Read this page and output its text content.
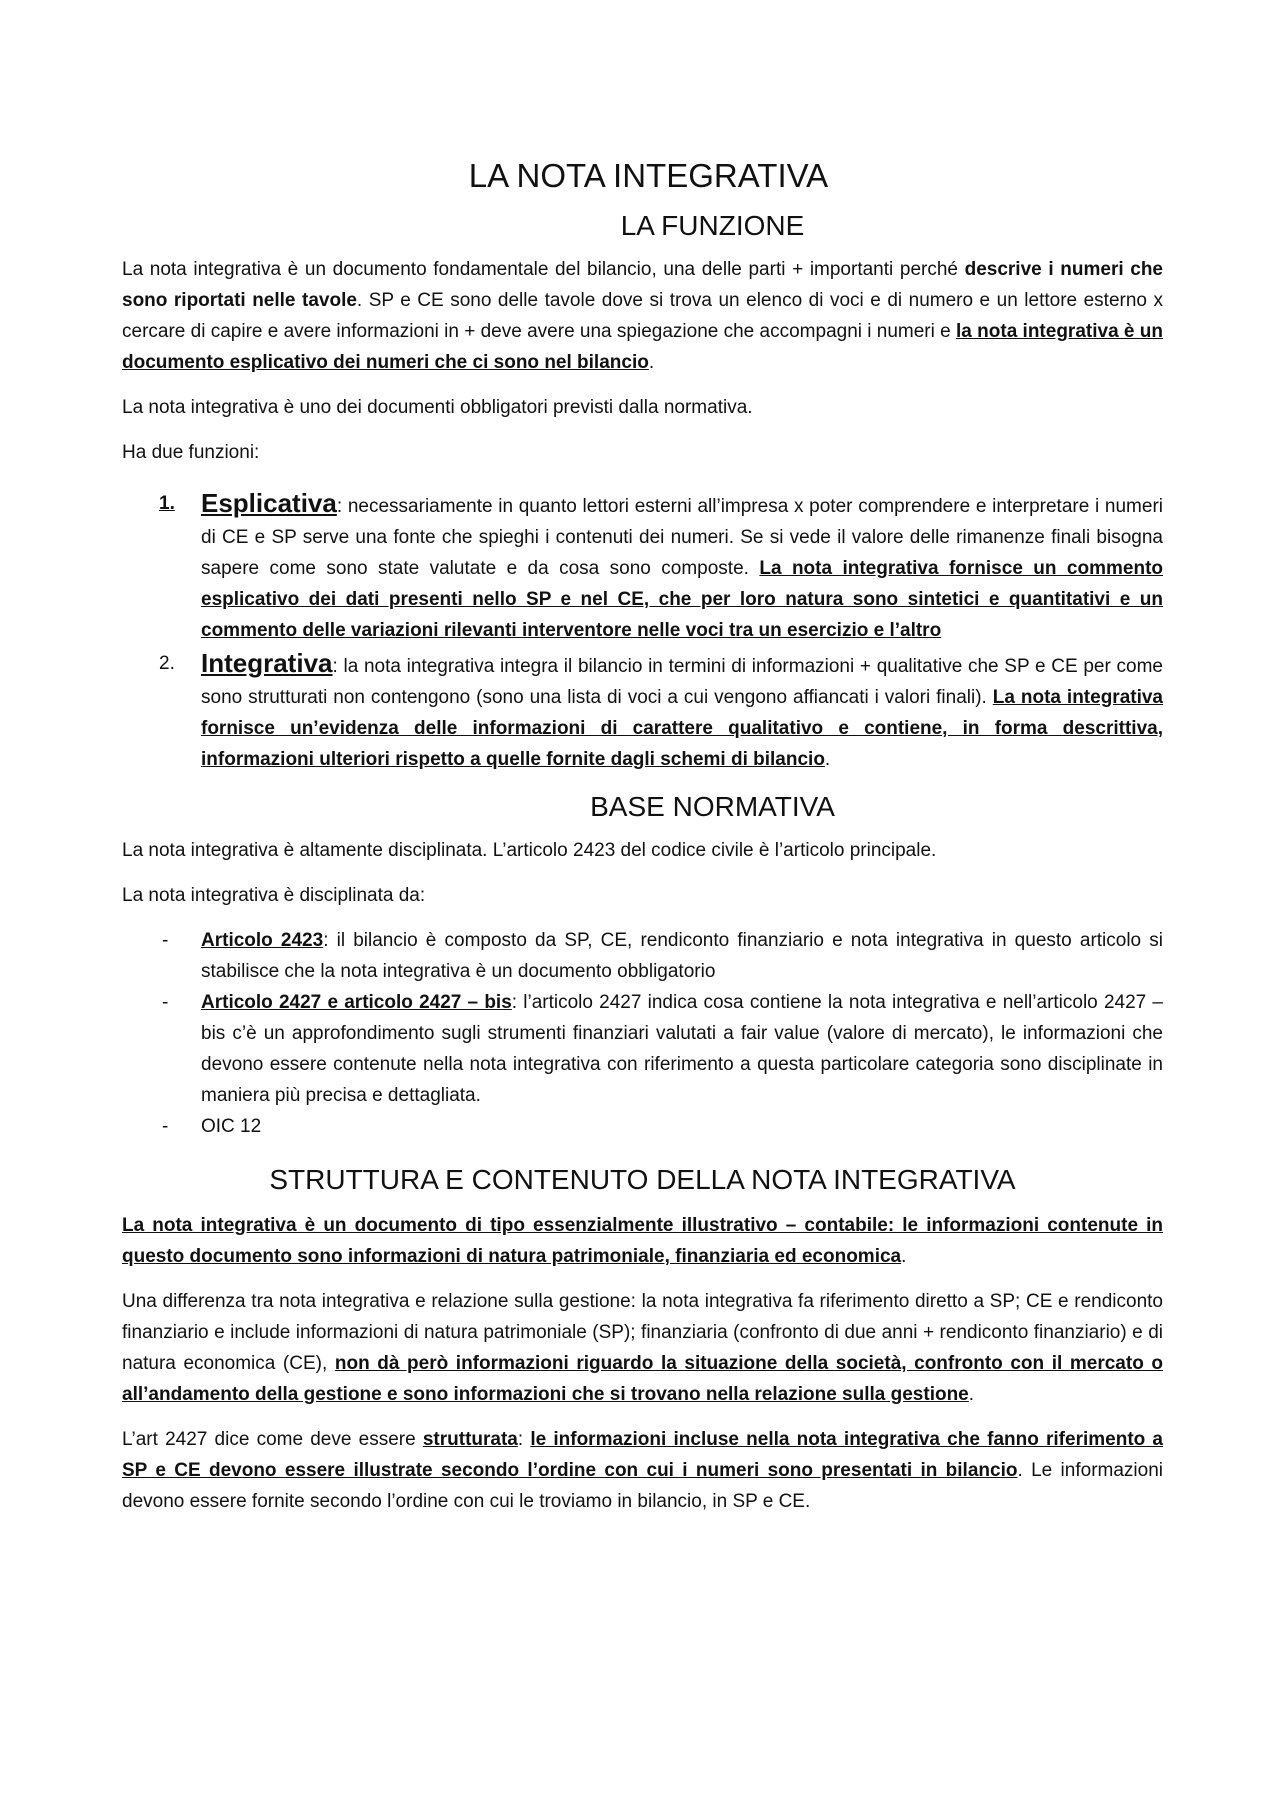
LA NOTA INTEGRATIVA
LA FUNZIONE

La nota integrativa è un documento fondamentale del bilancio, una delle parti + importanti perché descrive i numeri che sono riportati nelle tavole. SP e CE sono delle tavole dove si trova un elenco di voci e di numero e un lettore esterno x cercare di capire e avere informazioni in + deve avere una spiegazione che accompagni i numeri e la nota integrativa è un documento esplicativo dei numeri che ci sono nel bilancio.

La nota integrativa è uno dei documenti obbligatori previsti dalla normativa.

Ha due funzioni:

1. Esplicativa: necessariamente in quanto lettori esterni all’impresa x poter comprendere e interpretare i numeri di CE e SP serve una fonte che spieghi i contenuti dei numeri. Se si vede il valore delle rimanenze finali bisogna sapere come sono state valutate e da cosa sono composte. La nota integrativa fornisce un commento esplicativo dei dati presenti nello SP e nel CE, che per loro natura sono sintetici e quantitativi e un commento delle variazioni rilevanti interventore nelle voci tra un esercizio e l’altro
2. Integrativa: la nota integrativa integra il bilancio in termini di informazioni + qualitative che SP e CE per come sono strutturati non contengono (sono una lista di voci a cui vengono affiancati i valori finali). La nota integrativa fornisce un’evidenza delle informazioni di carattere qualitativo e contiene, in forma descrittiva, informazioni ulteriori rispetto a quelle fornite dagli schemi di bilancio.
BASE NORMATIVA

La nota integrativa è altamente disciplinata. L’articolo 2423 del codice civile è l’articolo principale.

La nota integrativa è disciplinata da:

- Articolo 2423: il bilancio è composto da SP, CE, rendiconto finanziario e nota integrativa in questo articolo si stabilisce che la nota integrativa è un documento obbligatorio
- Articolo 2427 e articolo 2427 – bis: l’articolo 2427 indica cosa contiene la nota integrativa e nell’articolo 2427 – bis c’è un approfondimento sugli strumenti finanziari valutati a fair value (valore di mercato), le informazioni che devono essere contenute nella nota integrativa con riferimento a questa particolare categoria sono disciplinate in maniera più precisa e dettagliata.
- OIC 12
STRUTTURA E CONTENUTO DELLA NOTA INTEGRATIVA

La nota integrativa è un documento di tipo essenzialmente illustrativo – contabile: le informazioni contenute in questo documento sono informazioni di natura patrimoniale, finanziaria ed economica.

Una differenza tra nota integrativa e relazione sulla gestione: la nota integrativa fa riferimento diretto a SP; CE e rendiconto finanziario e include informazioni di natura patrimoniale (SP); finanziaria (confronto di due anni + rendiconto finanziario) e di natura economica (CE), non dà però informazioni riguardo la situazione della società, confronto con il mercato o all’andamento della gestione e sono informazioni che si trovano nella relazione sulla gestione.

L’art 2427 dice come deve essere strutturata: le informazioni incluse nella nota integrativa che fanno riferimento a SP e CE devono essere illustrate secondo l’ordine con cui i numeri sono presentati in bilancio. Le informazioni devono essere fornite secondo l’ordine con cui le troviamo in bilancio, in SP e CE.
